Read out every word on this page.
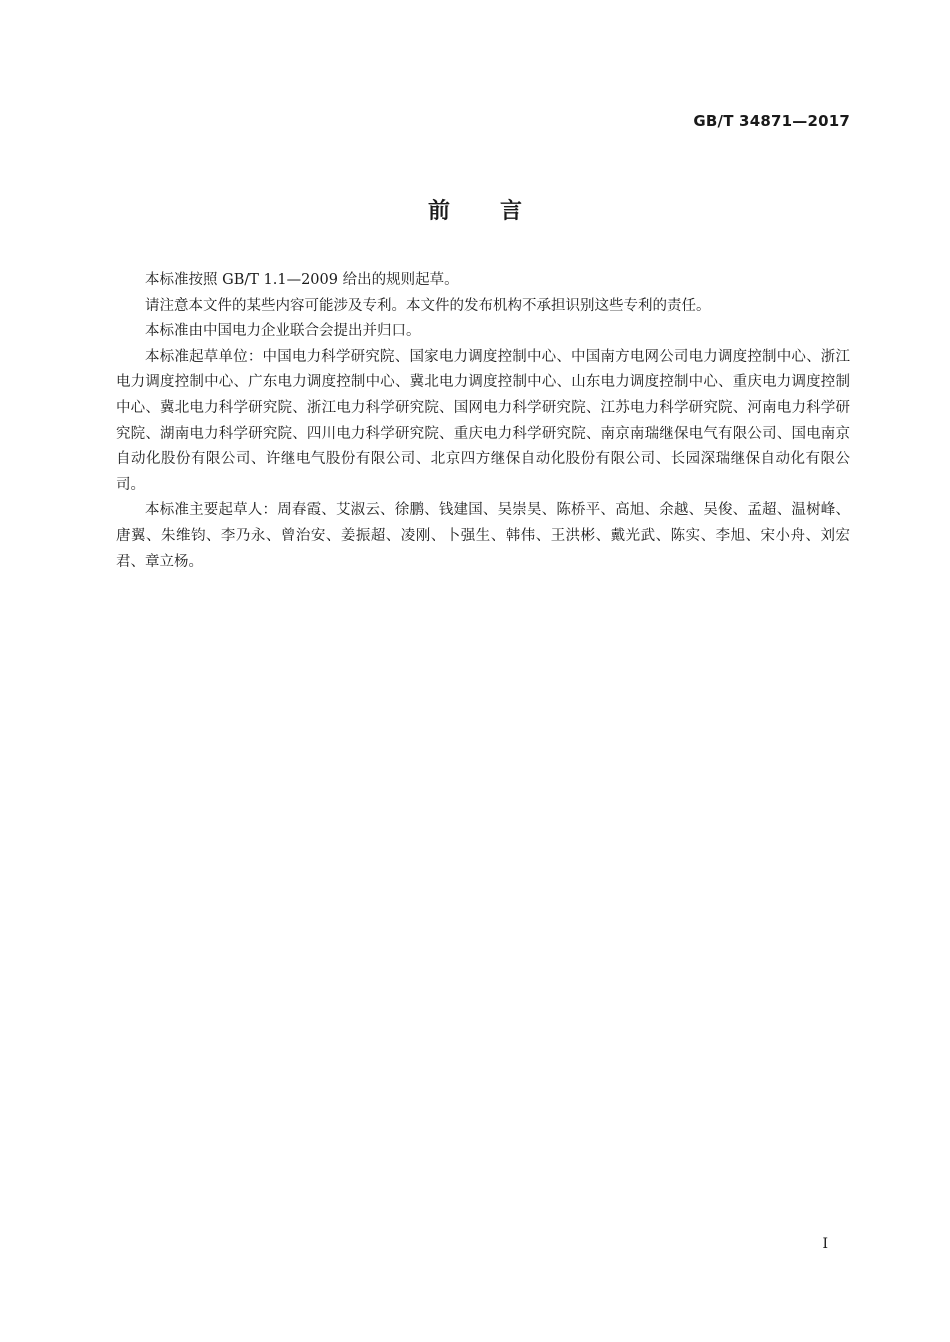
GB/T 34871—2017
前言

本标准按照 GB/T 1.1—2009 给出的规则起草。

请注意本文件的某些内容可能涉及专利。本文件的发布机构不承担识别这些专利的责任。

本标准由中国电力企业联合会提出并归口。

本标准起草单位：中国电力科学研究院、国家电力调度控制中心、中国南方电网公司电力调度控制中心、浙江电力调度控制中心、广东电力调度控制中心、冀北电力调度控制中心、山东电力调度控制中心、重庆电力调度控制中心、冀北电力科学研究院、浙江电力科学研究院、国网电力科学研究院、江苏电力科学研究院、河南电力科学研究院、湖南电力科学研究院、四川电力科学研究院、重庆电力科学研究院、南京南瑞继保电气有限公司、国电南京自动化股份有限公司、许继电气股份有限公司、北京四方继保自动化股份有限公司、长园深瑞继保自动化有限公司。

本标准主要起草人：周春霞、艾淑云、徐鹏、钱建国、吴崇昊、陈桥平、高旭、余越、吴俊、孟超、温树峰、唐翼、朱维钧、李乃永、曾治安、姜振超、凌刚、卜强生、韩伟、王洪彬、戴光武、陈实、李旭、宋小舟、刘宏君、章立杨。

I
